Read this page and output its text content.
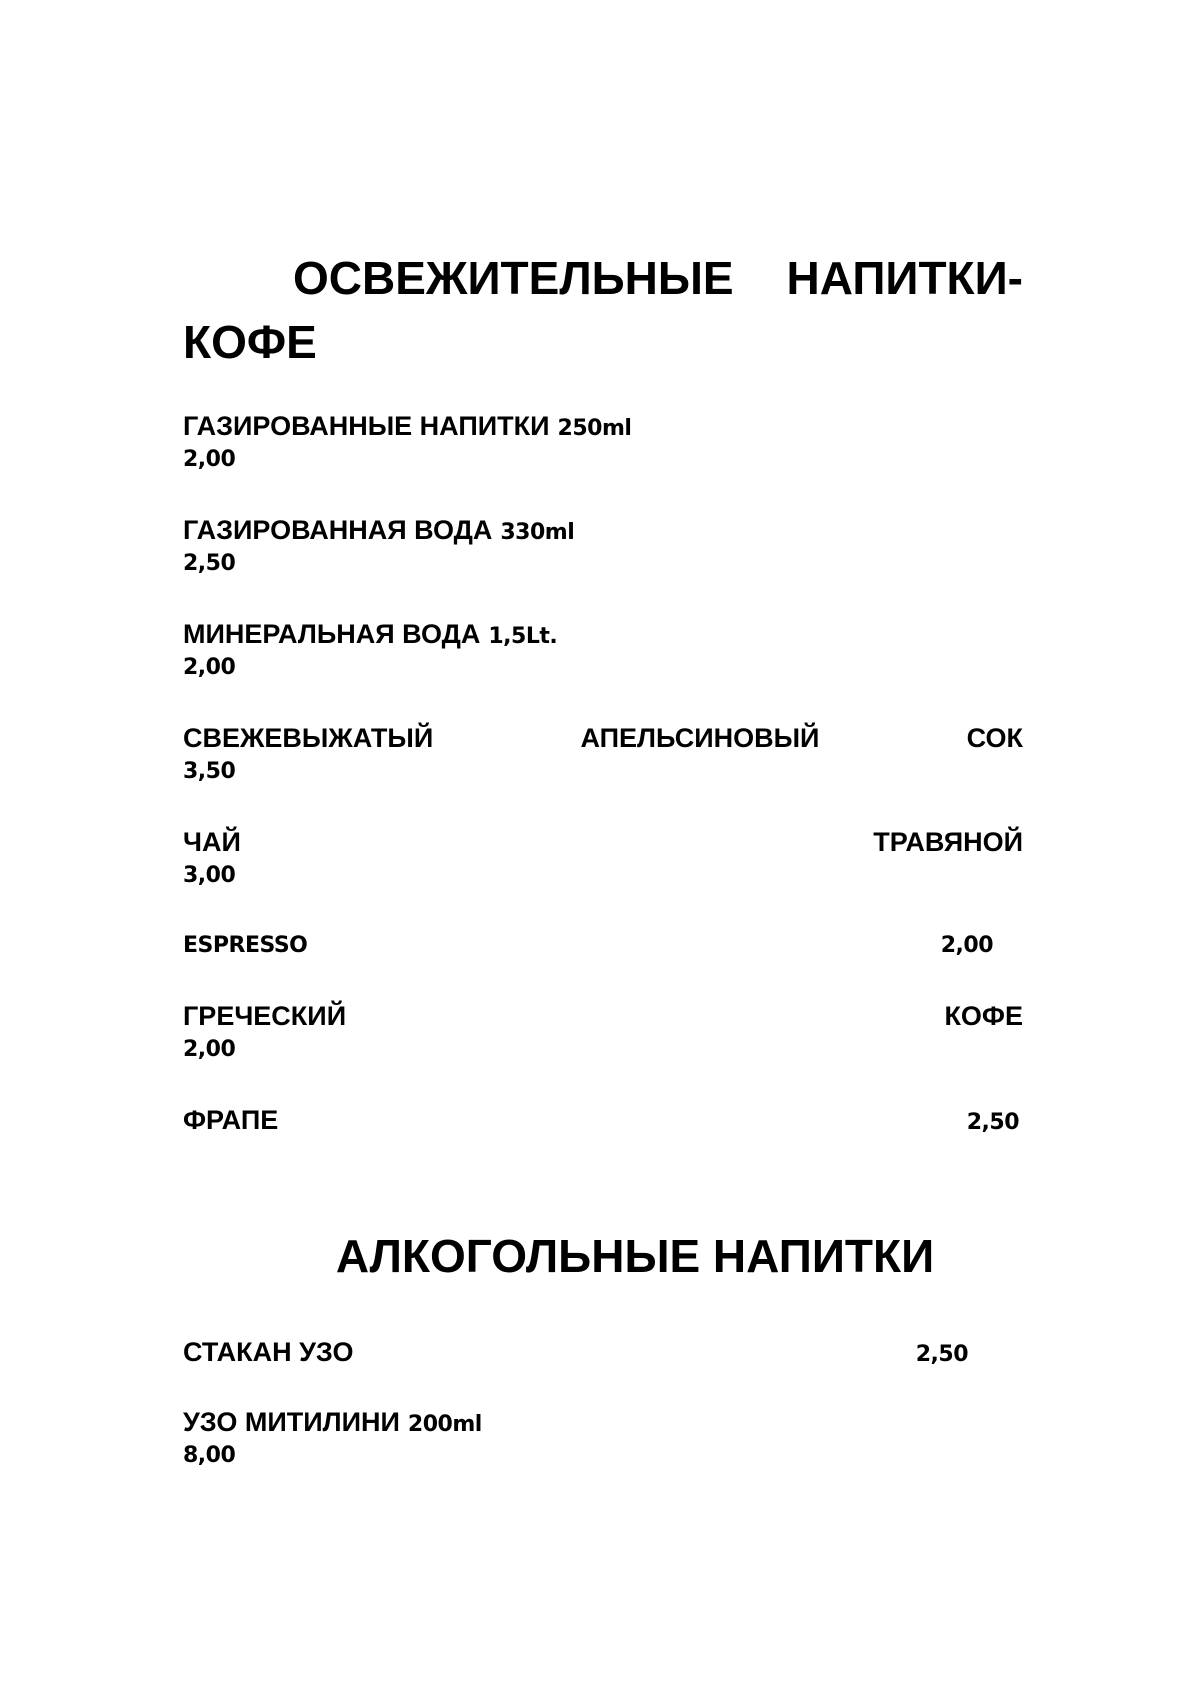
ОСВЕЖИТЕЛЬНЫЕ НАПИТКИ-
КОФЕ
ГАЗИРОВАННЫЕ НАПИТКИ 250ml
2,00
ГАЗИРОВАННАЯ ВОДА 330ml
2,50
МИНЕРАЛЬНАЯ ВОДА 1,5Lt.
2,00
СВЕЖЕВЫЖАТЫЙ	АПЕЛЬСИНОВЫЙ	СОК
3,50
ЧАЙ	ТРАВЯНОЙ
3,00
ESPRESSO	2,00
ГРЕЧЕСКИЙ	КОФЕ
2,00
ФРАПЕ	2,50
АЛКОГОЛЬНЫЕ НАПИТКИ
СТАКАН УЗО	2,50
УЗО МИТИЛИНИ 200ml
8,00
